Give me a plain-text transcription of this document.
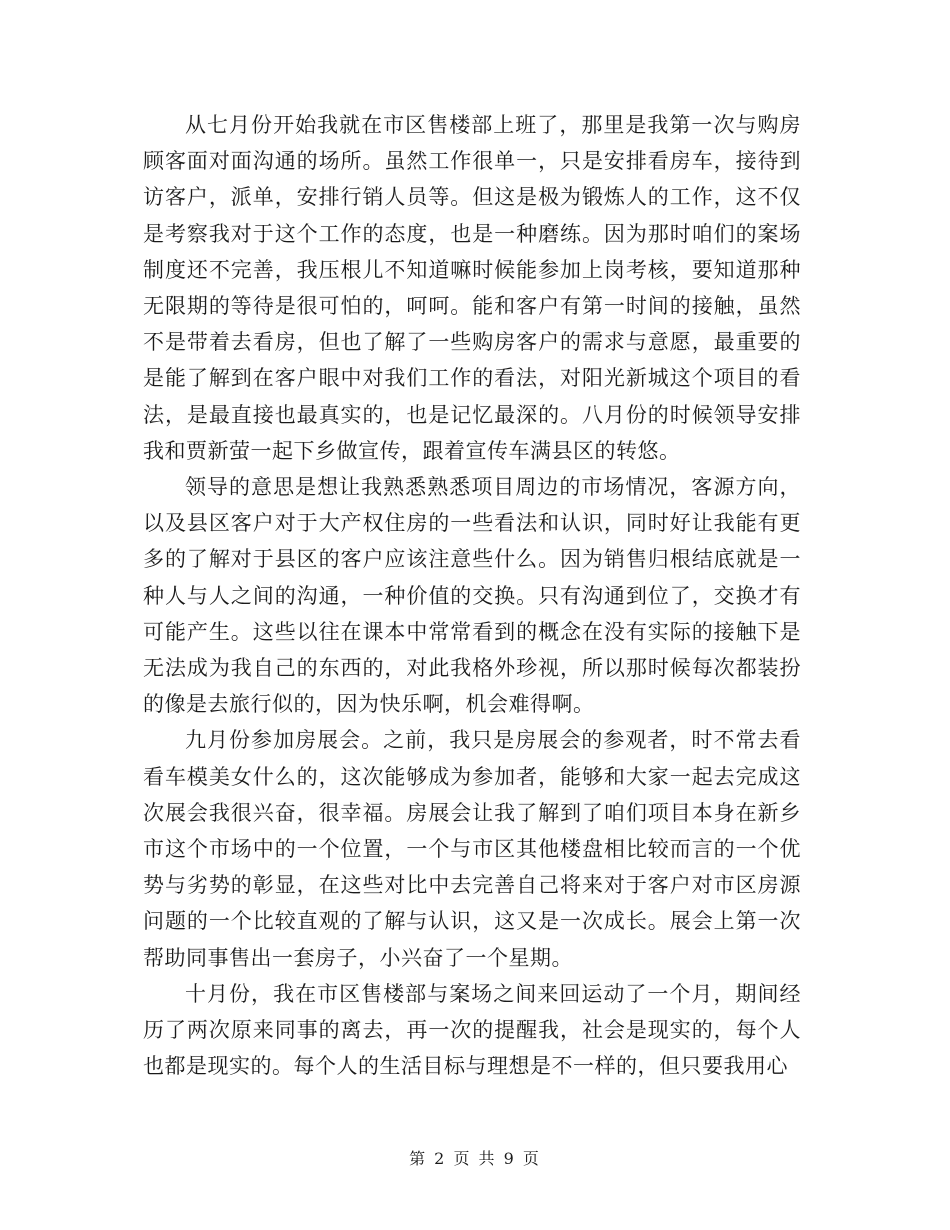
从七月份开始我就在市区售楼部上班了，那里是我第一次与购房顾客面对面沟通的场所。虽然工作很单一，只是安排看房车，接待到访客户，派单，安排行销人员等。但这是极为锻炼人的工作，这不仅是考察我对于这个工作的态度，也是一种磨练。因为那时咱们的案场制度还不完善，我压根儿不知道嘛时候能参加上岗考核，要知道那种无限期的等待是很可怕的，呵呵。能和客户有第一时间的接触，虽然不是带着去看房，但也了解了一些购房客户的需求与意愿，最重要的是能了解到在客户眼中对我们工作的看法，对阳光新城这个项目的看法，是最直接也最真实的，也是记忆最深的。八月份的时候领导安排我和贾新萤一起下乡做宣传，跟着宣传车满县区的转悠。

领导的意思是想让我熟悉熟悉项目周边的市场情况，客源方向，以及县区客户对于大产权住房的一些看法和认识，同时好让我能有更多的了解对于县区的客户应该注意些什么。因为销售归根结底就是一种人与人之间的沟通，一种价值的交换。只有沟通到位了，交换才有可能产生。这些以往在课本中常常看到的概念在没有实际的接触下是无法成为我自己的东西的，对此我格外珍视，所以那时候每次都装扮的像是去旅行似的，因为快乐啊，机会难得啊。

九月份参加房展会。之前，我只是房展会的参观者，时不常去看看车模美女什么的，这次能够成为参加者，能够和大家一起去完成这次展会我很兴奋，很幸福。房展会让我了解到了咱们项目本身在新乡市这个市场中的一个位置，一个与市区其他楼盘相比较而言的一个优势与劣势的彰显，在这些对比中去完善自己将来对于客户对市区房源问题的一个比较直观的了解与认识，这又是一次成长。展会上第一次帮助同事售出一套房子，小兴奋了一个星期。

十月份，我在市区售楼部与案场之间来回运动了一个月，期间经历了两次原来同事的离去，再一次的提醒我，社会是现实的，每个人也都是现实的。每个人的生活目标与理想是不一样的，但只要我用心

第 2 页 共 9 页
